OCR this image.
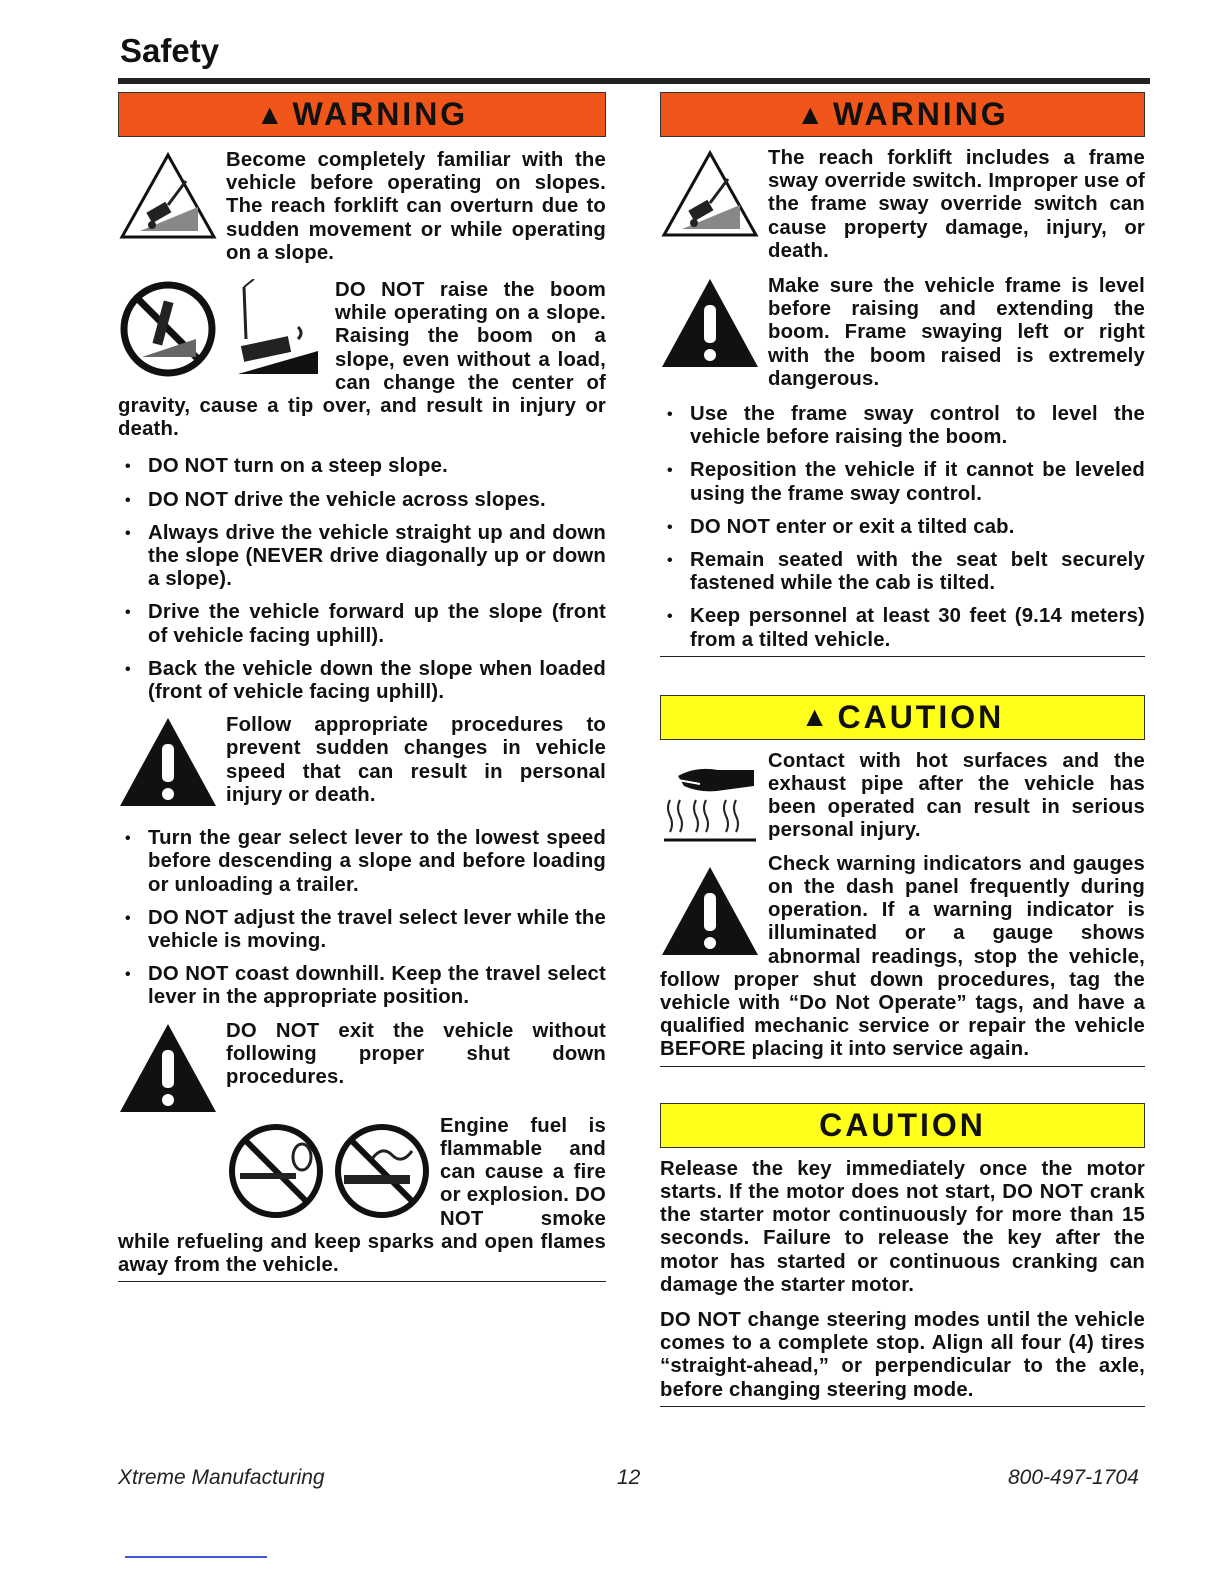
Safety
▲ WARNING
Become completely familiar with the vehicle before operating on slopes. The reach forklift can overturn due to sudden movement or while operating on a slope.
DO NOT raise the boom while operating on a slope. Raising the boom on a slope, even without a load, can change the center of gravity, cause a tip over, and result in injury or death.
• DO NOT turn on a steep slope.
• DO NOT drive the vehicle across slopes.
• Always drive the vehicle straight up and down the slope (NEVER drive diagonally up or down a slope).
• Drive the vehicle forward up the slope (front of vehicle facing uphill).
• Back the vehicle down the slope when loaded (front of vehicle facing uphill).
Follow appropriate procedures to prevent sudden changes in vehicle speed that can result in personal injury or death.
• Turn the gear select lever to the lowest speed before descending a slope and before loading or unloading a trailer.
• DO NOT adjust the travel select lever while the vehicle is moving.
• DO NOT coast downhill. Keep the travel select lever in the appropriate position.
DO NOT exit the vehicle without following proper shut down procedures.
Engine fuel is flammable and can cause a fire or explosion. DO NOT smoke while refueling and keep sparks and open flames away from the vehicle.
▲ WARNING
The reach forklift includes a frame sway override switch. Improper use of the frame sway override switch can cause property damage, injury, or death.
Make sure the vehicle frame is level before raising and extending the boom. Frame swaying left or right with the boom raised is extremely dangerous.
• Use the frame sway control to level the vehicle before raising the boom.
• Reposition the vehicle if it cannot be leveled using the frame sway control.
• DO NOT enter or exit a tilted cab.
• Remain seated with the seat belt securely fastened while the cab is tilted.
• Keep personnel at least 30 feet (9.14 meters) from a tilted vehicle.
▲ CAUTION
Contact with hot surfaces and the exhaust pipe after the vehicle has been operated can result in serious personal injury.
Check warning indicators and gauges on the dash panel frequently during operation. If a warning indicator is illuminated or a gauge shows abnormal readings, stop the vehicle, follow proper shut down procedures, tag the vehicle with “Do Not Operate” tags, and have a qualified mechanic service or repair the vehicle BEFORE placing it into service again.
CAUTION
Release the key immediately once the motor starts. If the motor does not start, DO NOT crank the starter motor continuously for more than 15 seconds. Failure to release the key after the motor has started or continuous cranking can damage the starter motor.
DO NOT change steering modes until the vehicle comes to a complete stop. Align all four (4) tires “straight-ahead,” or perpendicular to the axle, before changing steering mode.
Xtreme Manufacturing	12	800-497-1704
